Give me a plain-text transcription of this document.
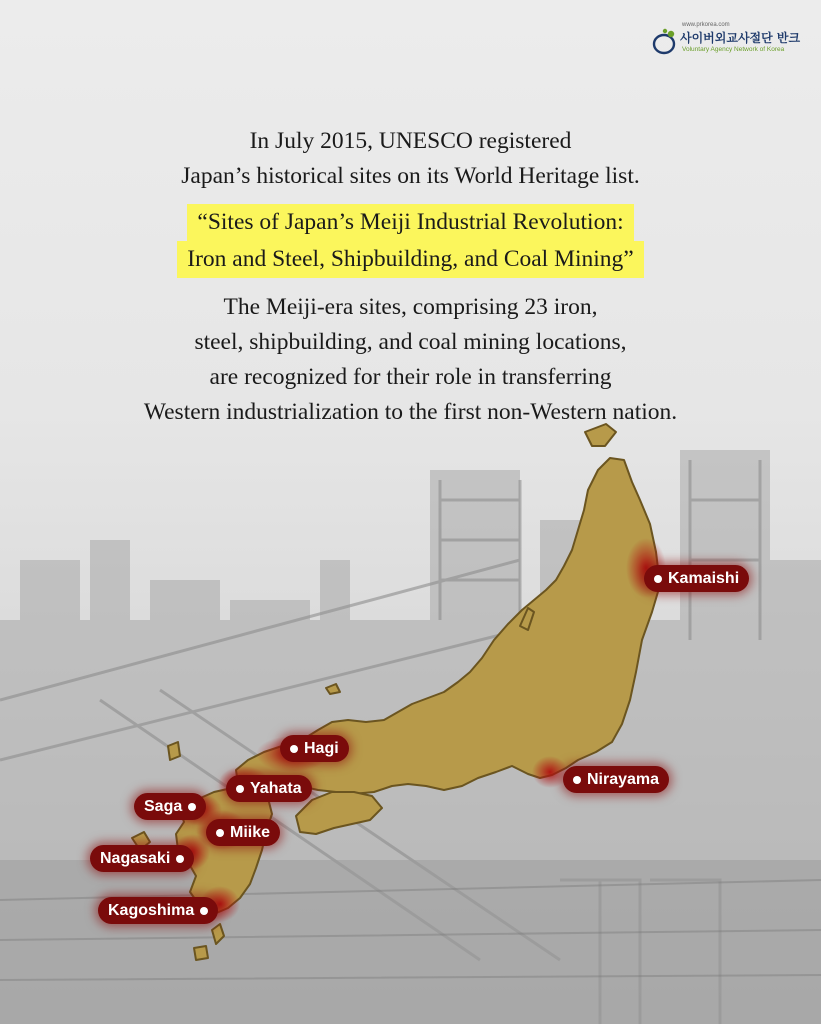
www.prkorea.com
사이버외교사절단 반크
Voluntary Agency Network of Korea

In July 2015, UNESCO registered

Japan’s historical sites on its World Heritage list.

“Sites of Japan’s Meiji Industrial Revolution:

Iron and Steel, Shipbuilding, and Coal Mining”

The Meiji-era sites, comprising 23 iron,

steel, shipbuilding, and coal mining locations,

are recognized for their role in transferring

Western industrialization to the first non-Western nation.

Kamaishi
Hagi
Yahata
Nirayama
Saga
Miike
Nagasaki
Kagoshima
